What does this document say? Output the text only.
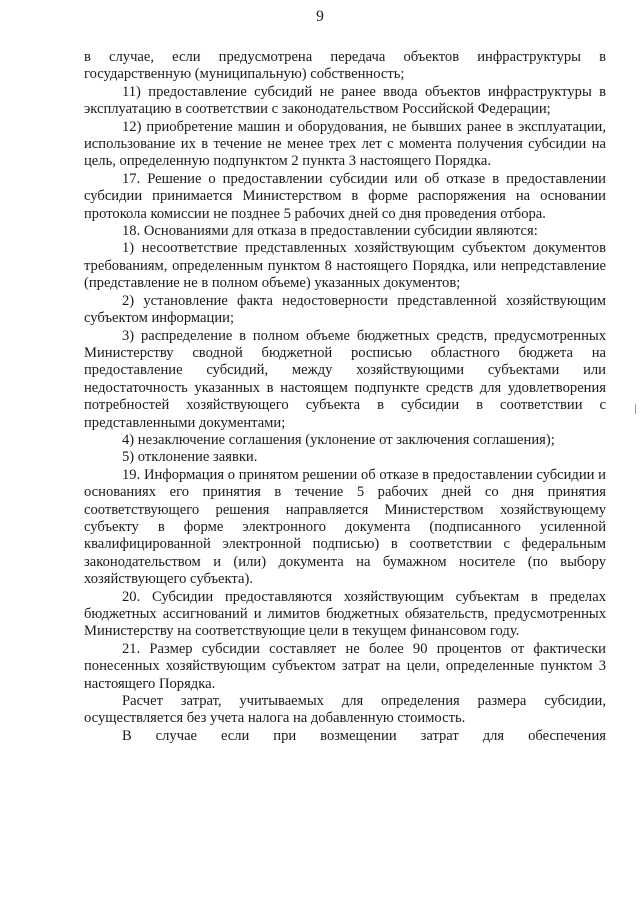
9

в случае, если предусмотрена передача объектов инфраструктуры в государственную (муниципальную) собственность;

11) предоставление субсидий не ранее ввода объектов инфраструктуры в эксплуатацию в соответствии с законодательством Российской Федерации;

12) приобретение машин и оборудования, не бывших ранее в эксплуатации, использование их в течение не менее трех лет с момента получения субсидии на цель, определенную подпунктом 2 пункта 3 настоящего Порядка.

17. Решение о предоставлении субсидии или об отказе в предоставлении субсидии принимается Министерством в форме распоряжения на основании протокола комиссии не позднее 5 рабочих дней со дня проведения отбора.

18. Основаниями для отказа в предоставлении субсидии являются:

1) несоответствие представленных хозяйствующим субъектом документов требованиям, определенным пунктом 8 настоящего Порядка, или непредставление (представление не в полном объеме) указанных документов;

2) установление факта недостоверности представленной хозяйствующим субъектом информации;

3) распределение в полном объеме бюджетных средств, предусмотренных Министерству сводной бюджетной росписью областного бюджета на предоставление субсидий, между хозяйствующими субъектами или недостаточность указанных в настоящем подпункте средств для удовлетворения потребностей хозяйствующего субъекта в субсидии в соответствии с представленными документами;

4) незаключение соглашения (уклонение от заключения соглашения);

5) отклонение заявки.

19. Информация о принятом решении об отказе в предоставлении субсидии и основаниях его принятия в течение 5 рабочих дней со дня принятия соответствующего решения направляется Министерством хозяйствующему субъекту в форме электронного документа (подписанного усиленной квалифицированной электронной подписью) в соответствии с федеральным законодательством и (или) документа на бумажном носителе (по выбору хозяйствующего субъекта).

20. Субсидии предоставляются хозяйствующим субъектам в пределах бюджетных ассигнований и лимитов бюджетных обязательств, предусмотренных Министерству на соответствующие цели в текущем финансовом году.

21. Размер субсидии составляет не более 90 процентов от фактически понесенных хозяйствующим субъектом затрат на цели, определенные пунктом 3 настоящего Порядка.

Расчет затрат, учитываемых для определения размера субсидии, осуществляется без учета налога на добавленную стоимость.

В случае если при возмещении затрат для обеспечения
